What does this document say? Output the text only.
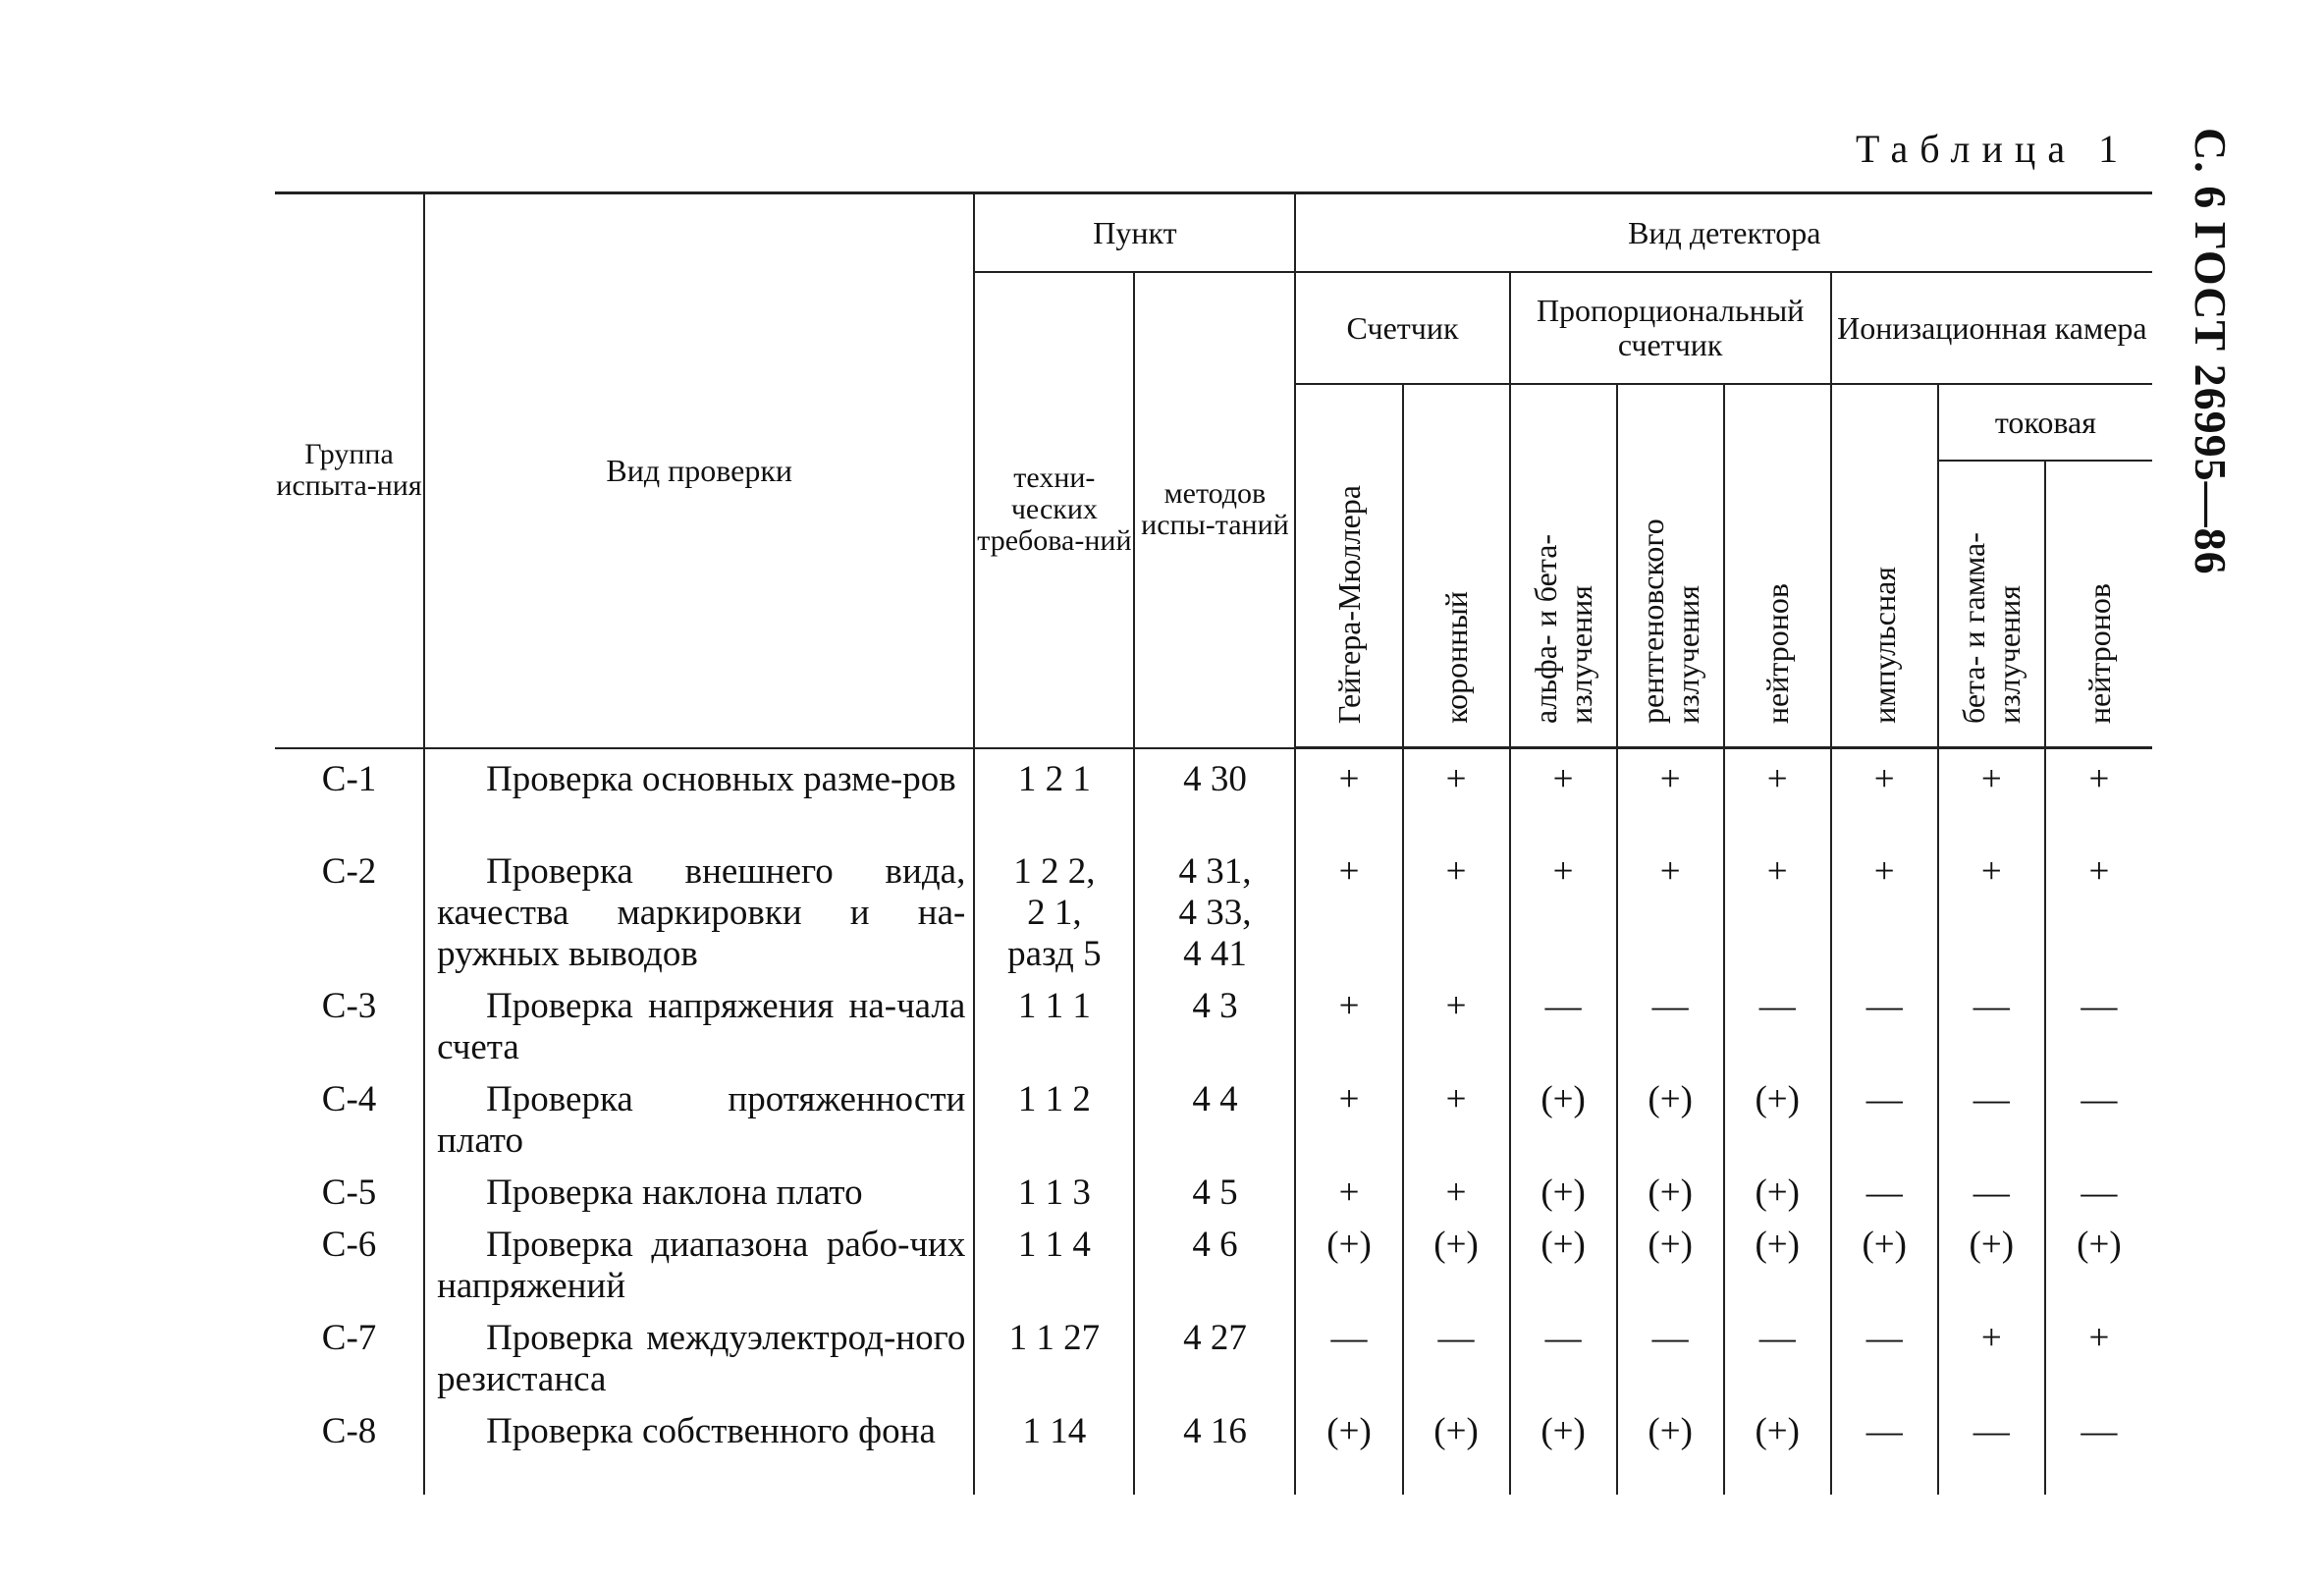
С. 6 ГОСТ 26995—86
Таблица 1
Группа испыта-ния	Вид проверки	Пункт		Вид детектора							
		техни-ческих требова-ний	методов испы-таний	Счетчик		Пропорциональный счетчик			Ионизационная камера		
				Гейгера-Мюллера	коронный	альфа- и бета-излучения	рентгеновского излучения	нейтронов	импульсная	токовая	
										бета- и гамма-излучения	нейтронов
С-1	Проверка основных разме-ров	1 2 1	4 30	+	+	+	+	+	+	+	+
С-2	Проверка внешнего вида, качества маркировки и на-ружных выводов	1 2 2,
2 1,
разд 5	4 31,
4 33,
4 41	+	+	+	+	+	+	+	+
С-3	Проверка напряжения на-чала счета	1 1 1	4 3	+	+	—	—	—	—	—	—
С-4	Проверка протяженности плато	1 1 2	4 4	+	+	(+)	(+)	(+)	—	—	—
С-5	Проверка наклона плато	1 1 3	4 5	+	+	(+)	(+)	(+)	—	—	—
С-6	Проверка диапазона рабо-чих напряжений	1 1 4	4 6	(+)	(+)	(+)	(+)	(+)	(+)	(+)	(+)
С-7	Проверка междуэлектрод-ного резистанса	1 1 27	4 27	—	—	—	—	—	—	+	+
С-8	Проверка собственного фона	1 14	4 16	(+)	(+)	(+)	(+)	(+)	—	—	—
